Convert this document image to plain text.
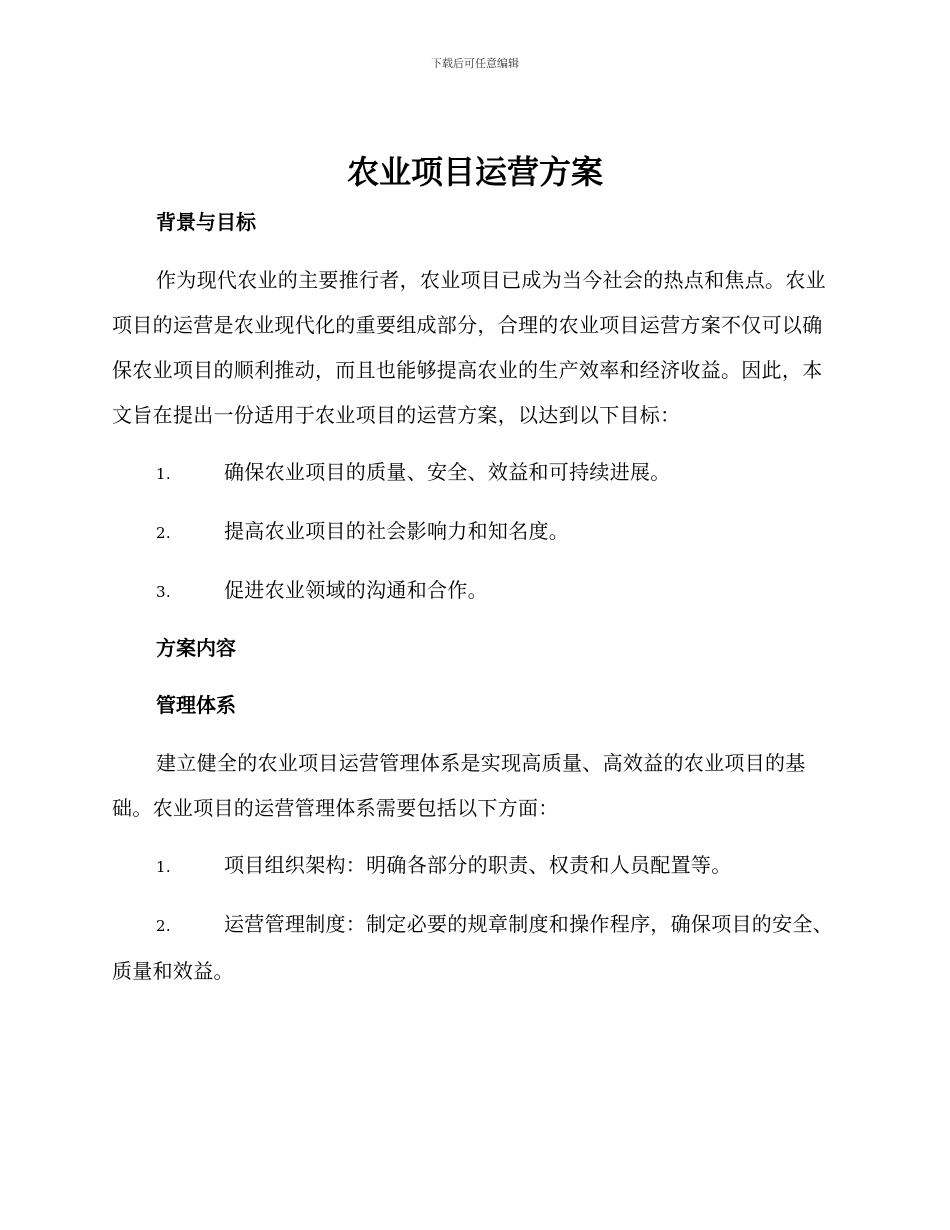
下载后可任意编辑
农业项目运营方案
背景与目标

作为现代农业的主要推行者，农业项目已成为当今社会的热点和焦点。农业项目的运营是农业现代化的重要组成部分，合理的农业项目运营方案不仅可以确保农业项目的顺利推动，而且也能够提高农业的生产效率和经济收益。因此，本文旨在提出一份适用于农业项目的运营方案，以达到以下目标：

1.	确保农业项目的质量、安全、效益和可持续进展。

2.	提高农业项目的社会影响力和知名度。

3.	促进农业领域的沟通和合作。

方案内容
管理体系

建立健全的农业项目运营管理体系是实现高质量、高效益的农业项目的基础。农业项目的运营管理体系需要包括以下方面：

1.	项目组织架构：明确各部分的职责、权责和人员配置等。

2.	运营管理制度：制定必要的规章制度和操作程序，确保项目的安全、质量和效益。
